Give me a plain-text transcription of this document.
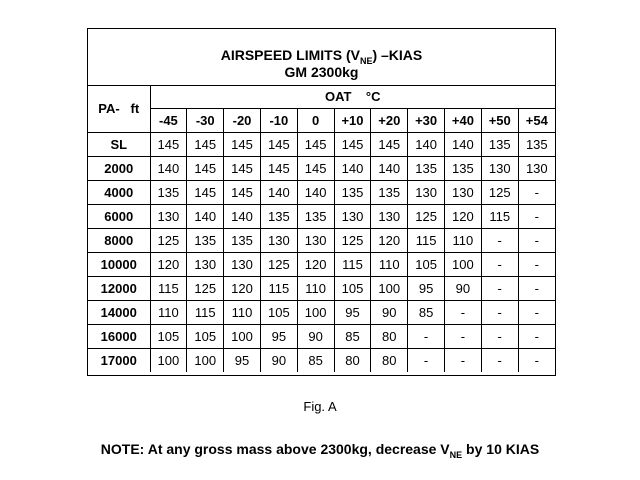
AIRSPEED LIMITS $(V_{NE})$ –KIAS
GM 2300kg
PA-   ft	OAT    °C										
	-45	-30	-20	-10	0	+10	+20	+30	+40	+50	+54
SL	145	145	145	145	145	145	145	140	140	135	135
2000	140	145	145	145	145	140	140	135	135	130	130
4000	135	145	145	140	140	135	135	130	130	125	-
6000	130	140	140	135	135	130	130	125	120	115	-
8000	125	135	135	130	130	125	120	115	110	-	-
10000	120	130	130	125	120	115	110	105	100	-	-
12000	115	125	120	115	110	105	100	95	90	-	-
14000	110	115	110	105	100	95	90	85	-	-	-
16000	105	105	100	95	90	85	80	-	-	-	-
17000	100	100	95	90	85	80	80	-	-	-	-
Fig. A
NOTE: At any gross mass above 2300kg, decrease $V_{NE}$ by 10 KIAS
